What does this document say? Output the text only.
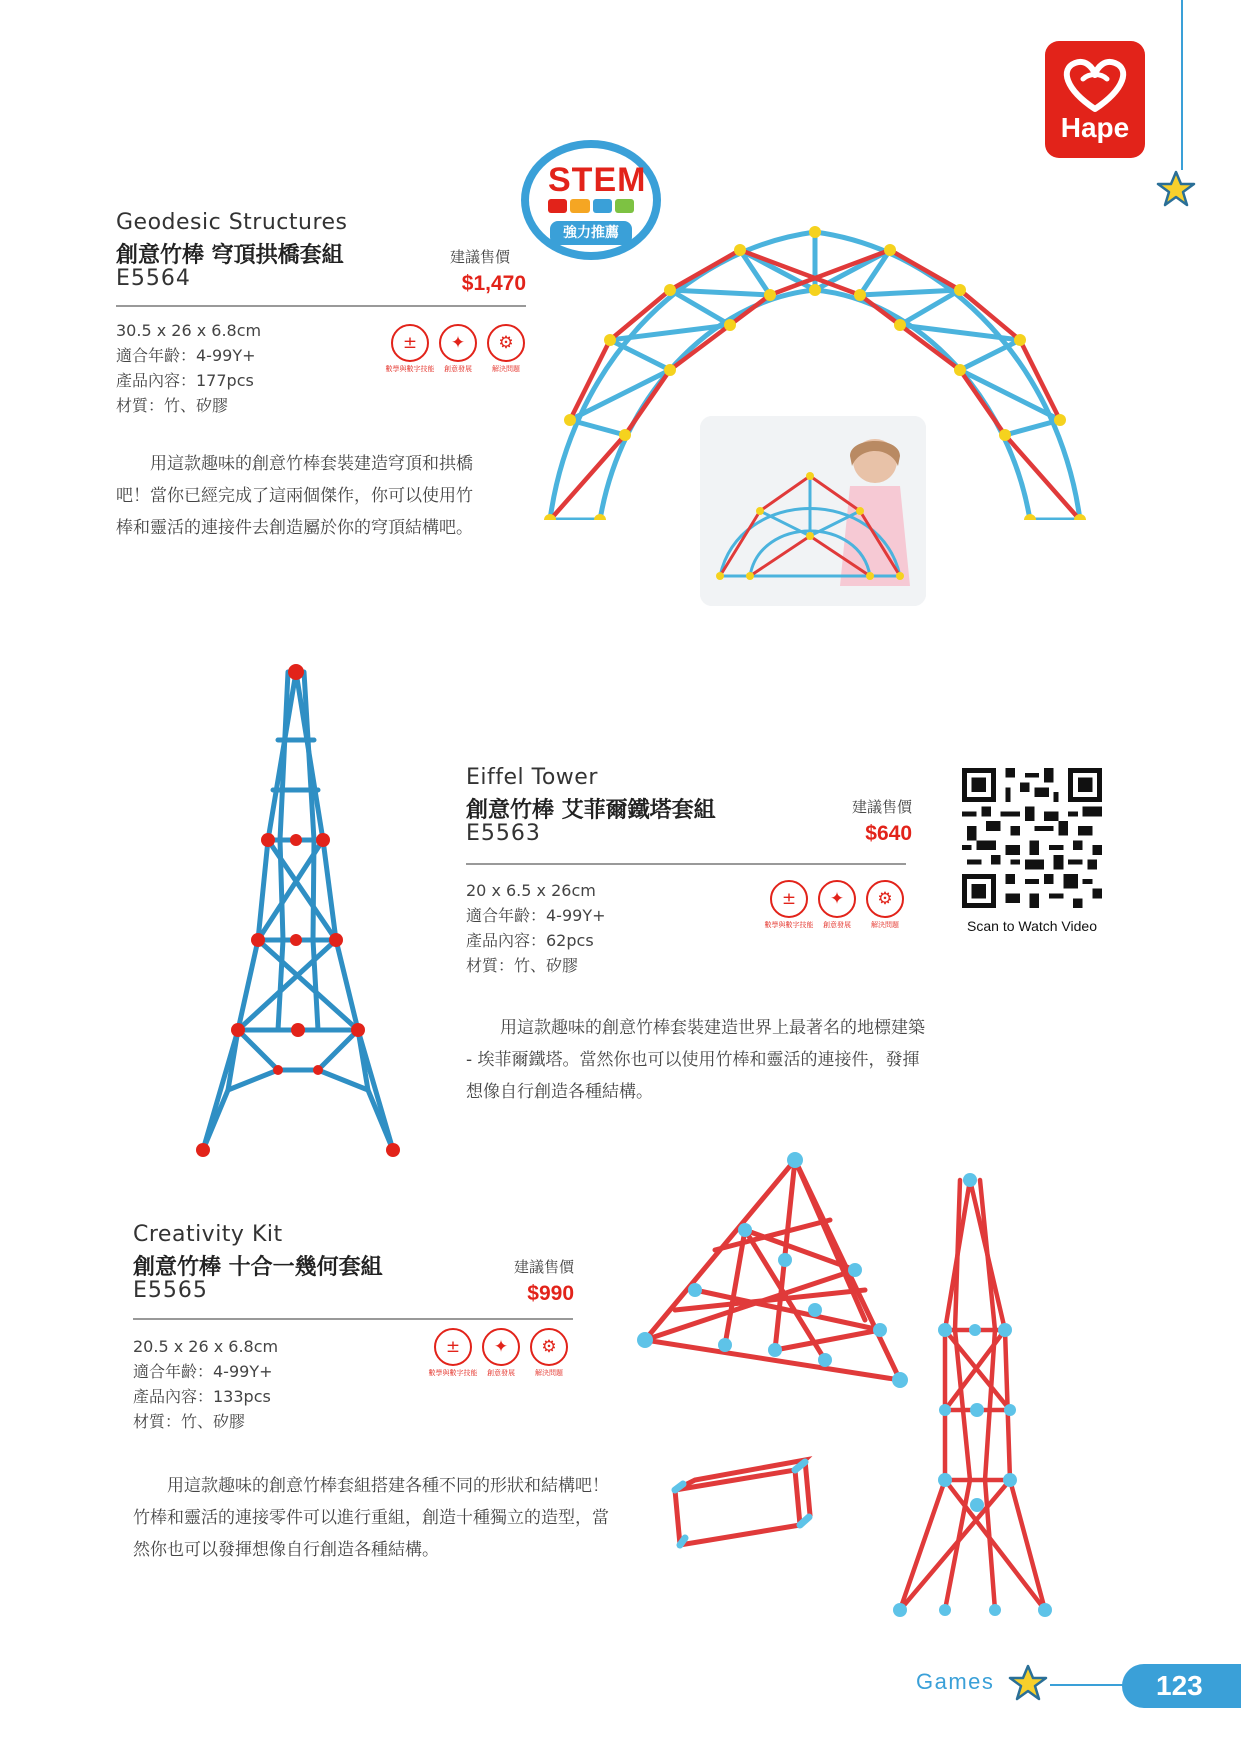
Hape
STEM
強力推薦
Geodesic Structures
創意竹棒 穹頂拱橋套組
E5564
建議售價
$1,470
30.5 x 26 x 6.8cm
適合年齡：4-99Y+
產品內容：177pcs
材質：竹、矽膠
±
數學與數字技能
✦
創意發展
⚙
解決問題
用這款趣味的創意竹棒套裝建造穹頂和拱橋吧！當你已經完成了這兩個傑作，你可以使用竹棒和靈活的連接件去創造屬於你的穹頂結構吧。
Eiffel Tower
創意竹棒 艾菲爾鐵塔套組
E5563
建議售價
$640
20 x 6.5 x 26cm
適合年齡：4-99Y+
產品內容：62pcs
材質：竹、矽膠
±
數學與數字技能
✦
創意發展
⚙
解決問題
用這款趣味的創意竹棒套裝建造世界上最著名的地標建築 - 埃菲爾鐵塔。當然你也可以使用竹棒和靈活的連接件，發揮想像自行創造各種結構。
Scan to Watch Video
Creativity Kit
創意竹棒 十合一幾何套組
E5565
建議售價
$990
20.5 x 26 x 6.8cm
適合年齡：4-99Y+
產品內容：133pcs
材質：竹、矽膠
±
數學與數字技能
✦
創意發展
⚙
解決問題
用這款趣味的創意竹棒套組搭建各種不同的形狀和結構吧！竹棒和靈活的連接零件可以進行重組，創造十種獨立的造型，當然你也可以發揮想像自行創造各種結構。
Games	123
